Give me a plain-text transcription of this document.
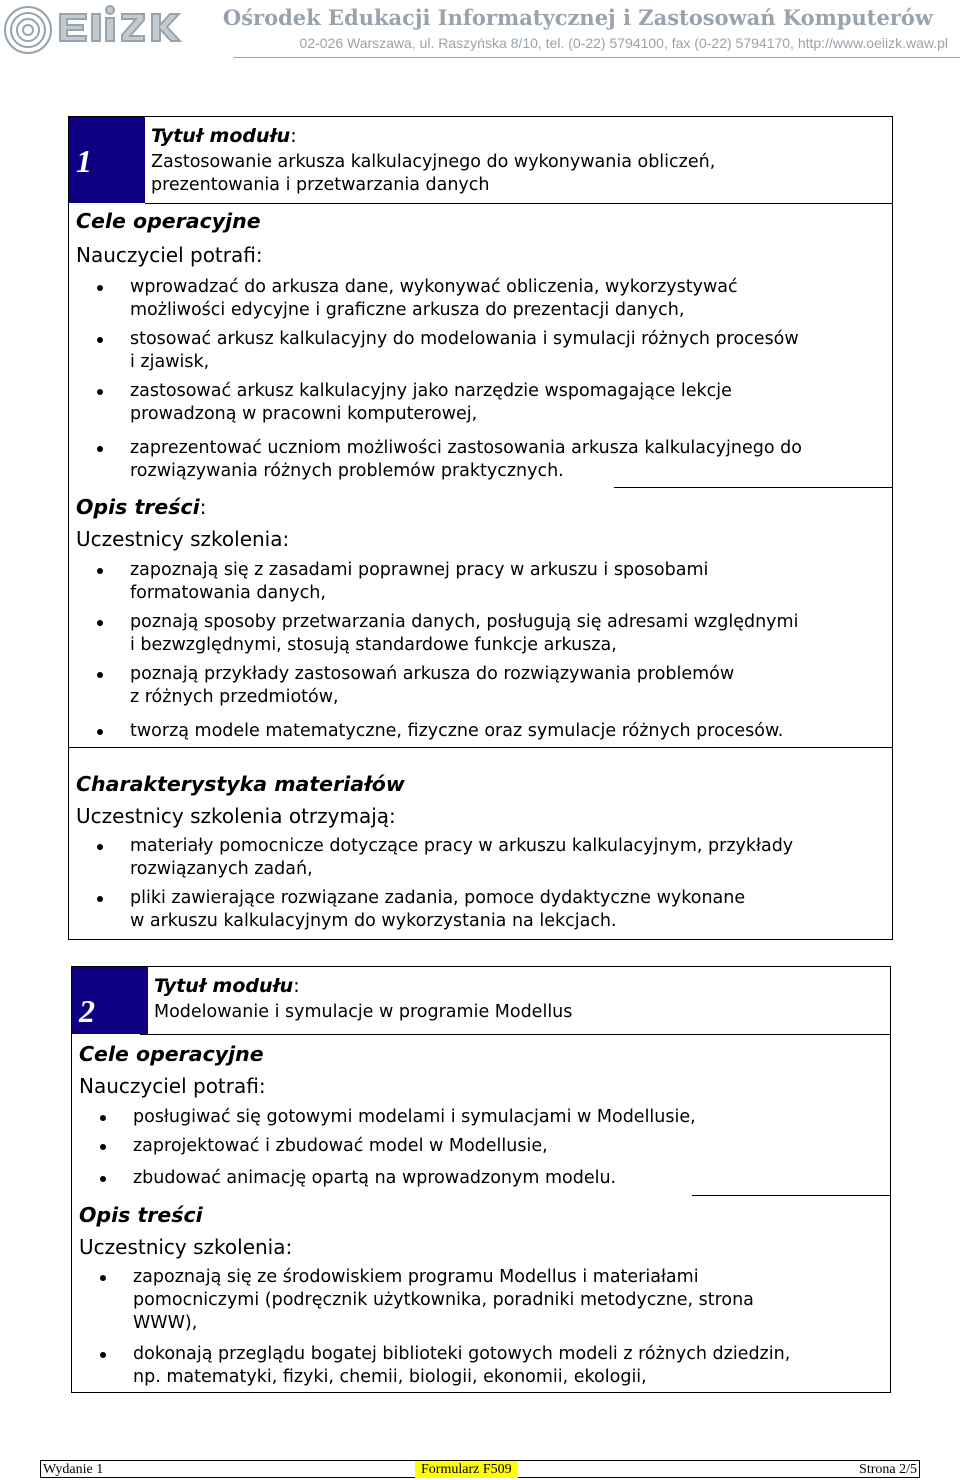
Ośrodek Edukacji Informatycznej i Zastosowań Komputerów
02-026 Warszawa, ul. Raszyńska 8/10, tel. (0-22) 5794100, fax (0-22) 5794170, http://www.oeiizk.waw.pl
1
Tytuł modułu:
Zastosowanie arkusza kalkulacyjnego do wykonywania obliczeń,
prezentowania i przetwarzania danych
Cele operacyjne
Nauczyciel potrafi:
wprowadzać do arkusza dane, wykonywać obliczenia, wykorzystywać
możliwości edycyjne i graficzne arkusza do prezentacji danych,
stosować arkusz kalkulacyjny do modelowania i symulacji różnych procesów
i zjawisk,
zastosować arkusz kalkulacyjny jako narzędzie wspomagające lekcje
prowadzoną w pracowni komputerowej,
zaprezentować uczniom możliwości zastosowania arkusza kalkulacyjnego do
rozwiązywania różnych problemów praktycznych.
Opis treści:
Uczestnicy szkolenia:
zapoznają się z zasadami poprawnej pracy w arkuszu i sposobami
formatowania danych,
poznają sposoby przetwarzania danych, posługują się adresami względnymi
i bezwzględnymi, stosują standardowe funkcje arkusza,
poznają przykłady zastosowań arkusza do rozwiązywania problemów
z różnych przedmiotów,
tworzą modele matematyczne, fizyczne oraz symulacje różnych procesów.
Charakterystyka materiałów
Uczestnicy szkolenia otrzymają:
materiały pomocnicze dotyczące pracy w arkuszu kalkulacyjnym, przykłady
rozwiązanych zadań,
pliki zawierające rozwiązane zadania, pomoce dydaktyczne wykonane
w arkuszu kalkulacyjnym do wykorzystania na lekcjach.
2
Tytuł modułu:
Modelowanie i symulacje w programie Modellus
Cele operacyjne
Nauczyciel potrafi:
posługiwać się gotowymi modelami i symulacjami w Modellusie,
zaprojektować i zbudować model w Modellusie,
zbudować animację opartą na wprowadzonym modelu.
Opis treści
Uczestnicy szkolenia:
zapoznają się ze środowiskiem programu Modellus i materiałami
pomocniczymi (podręcznik użytkownika, poradniki metodyczne, strona
WWW),
dokonają przeglądu bogatej biblioteki gotowych modeli z różnych dziedzin,
np. matematyki, fizyki, chemii, biologii, ekonomii, ekologii,
Wydanie 1	Formularz F509	Strona 2/5
